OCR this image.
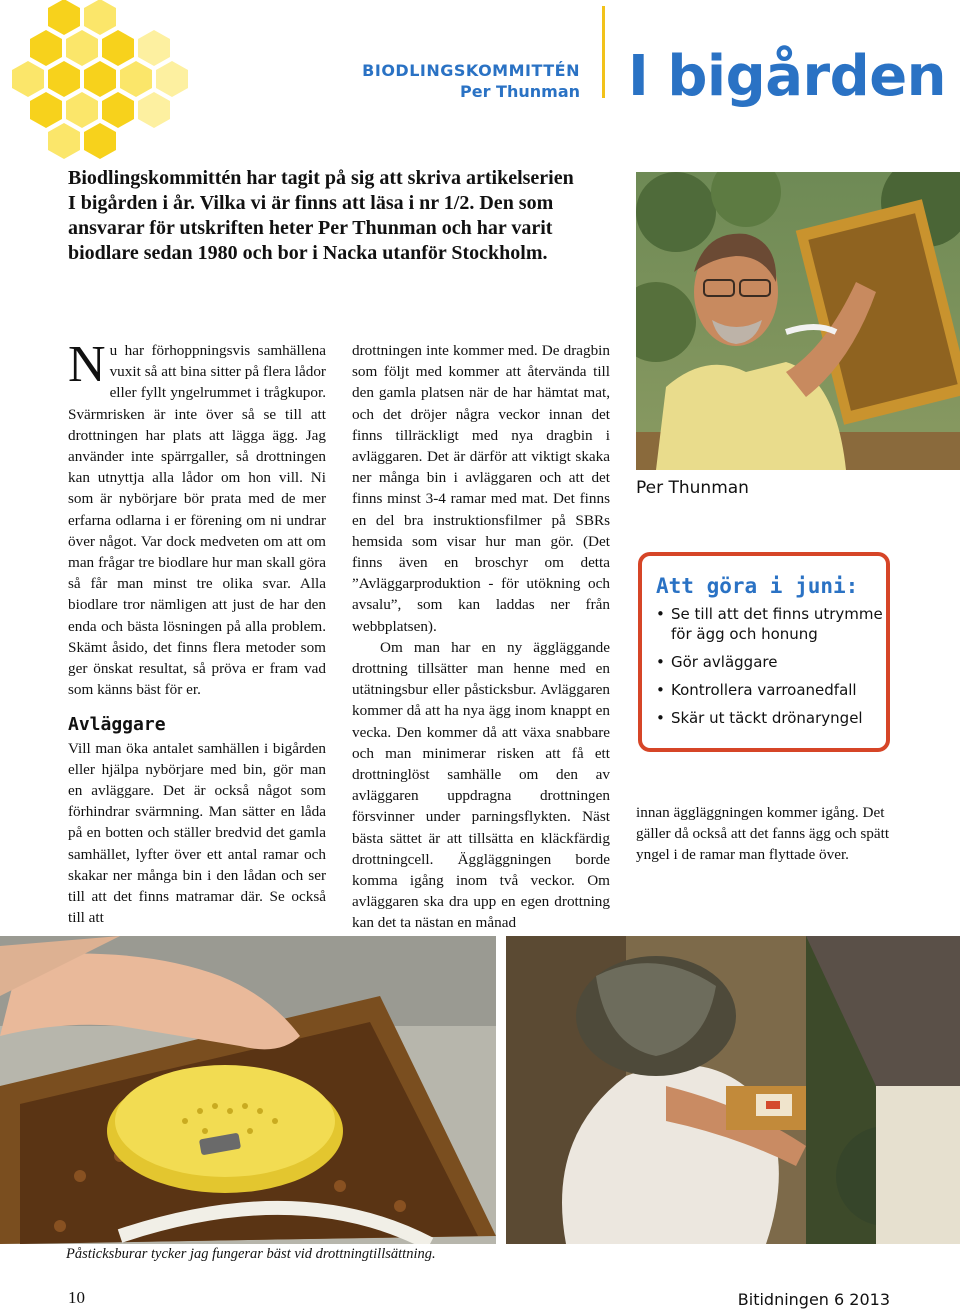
BIODLINGSKOMMITTÉN
Per Thunman I bigården
Biodlingskommittén har tagit på sig att skriva artikelserien
I bigården i år. Vilka vi är finns att läsa i nr 1/2. Den som
ansvarar för utskriften heter Per Thunman och har varit
biodlare sedan 1980 och bor i Nacka utanför Stockholm.

Nu har förhoppningsvis samhällena vuxit så att bina sitter på flera lådor eller fyllt yngelrummet i trågkupor. Svärmrisken är inte över så se till att drottningen har plats att lägga ägg. Jag använder inte spärrgaller, så drottningen kan utnyttja alla lådor om hon vill. Ni som är nybörjare bör prata med de mer erfarna odlarna i er förening om ni undrar över något. Var dock medveten om att om man frågar tre biodlare hur man skall göra så får man minst tre olika svar. Alla biodlare tror nämligen att just de har den enda och bästa lösningen på alla problem. Skämt åsido, det finns flera metoder som ger önskat resultat, så pröva er fram vad som känns bäst för er.

Avläggare

Vill man öka antalet samhällen i bigården eller hjälpa nybörjare med bin, gör man en avläggare. Det är också något som förhindrar svärmning. Man sätter en låda på en botten och ställer bredvid det gamla samhället, lyfter över ett antal ramar och skakar ner många bin i den lådan och ser till att det finns matramar där. Se också till att

drottningen inte kommer med. De dragbin som följt med kommer att återvända till den gamla platsen när de har hämtat mat, och det dröjer några veckor innan det finns tillräckligt med nya dragbin i avläggaren. Det är därför att viktigt skaka ner många bin i avläggaren och att det finns minst 3-4 ramar med mat. Det finns en del bra instruktionsfilmer på SBRs hemsida som visar hur man gör. (Det finns även en broschyr om detta ”Avläggarproduktion - för utökning och avsalu”, som kan laddas ner från webbplatsen).

Om man har en ny äggläggande drottning tillsätter man henne med en utätningsbur eller påsticksbur. Avläggaren kommer då att ha nya ägg inom knappt en vecka. Den kommer då att växa snabbare och man minimerar risken att få ett drottninglöst samhälle om den av avläggaren uppdragna drottningen försvinner under parningsflykten. Näst bästa sättet är att tillsätta en kläckfärdig drottningcell. Äggläggningen borde komma igång inom två veckor. Om avläggaren ska dra upp en egen drottning kan det ta nästan en månad

Per Thunman
Att göra i juni:
• Se till att det finns utrymme
för ägg och honung
• Gör avläggare
• Kontrollera varroanedfall
• Skär ut täckt drönaryngel

innan äggläggningen kommer igång. Det gäller då också att det fanns ägg och spätt yngel i de ramar man flyttade över.

Påsticksburar tycker jag fungerar bäst vid drottningtillsättning.
10	Bitidningen 6 2013
